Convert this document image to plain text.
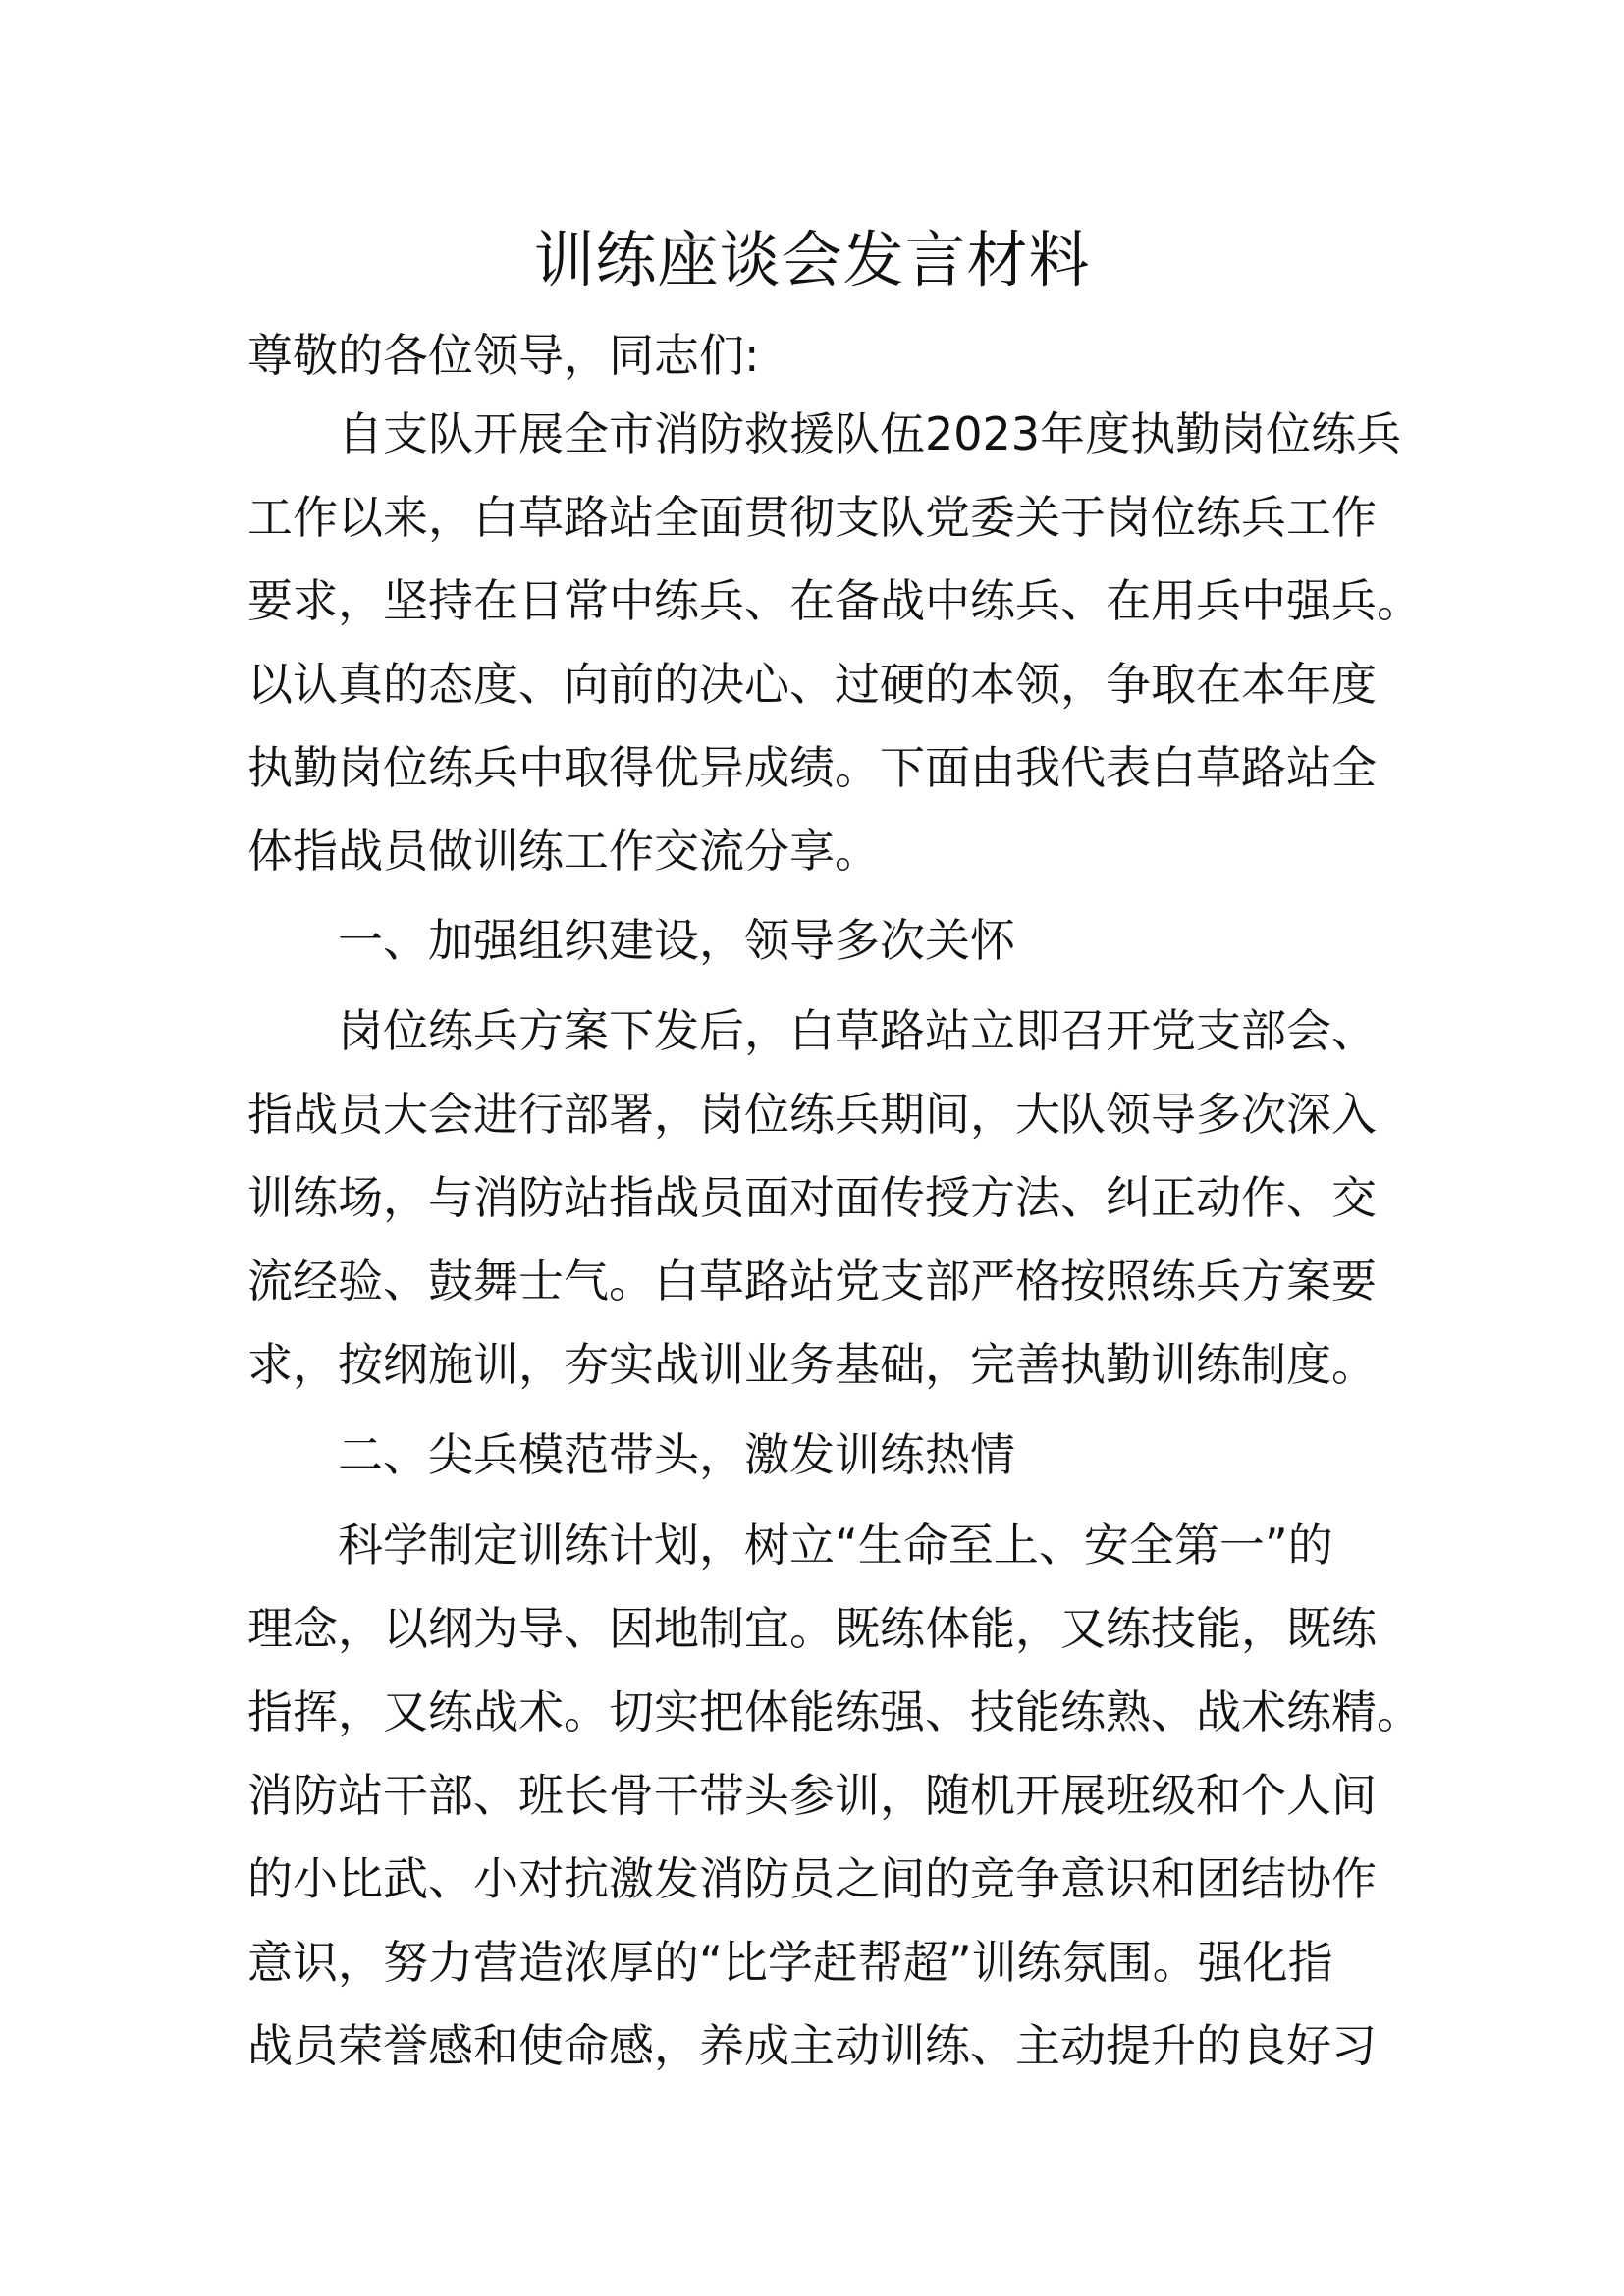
训练座谈会发言材料
尊敬的各位领导，同志们:
自支队开展全市消防救援队伍2023年度执勤岗位练兵
工作以来，白草路站全面贯彻支队党委关于岗位练兵工作
要求，坚持在日常中练兵、在备战中练兵、在用兵中强兵。
以认真的态度、向前的决心、过硬的本领，争取在本年度
执勤岗位练兵中取得优异成绩。下面由我代表白草路站全
体指战员做训练工作交流分享。
一、加强组织建设，领导多次关怀
岗位练兵方案下发后，白草路站立即召开党支部会、
指战员大会进行部署，岗位练兵期间，大队领导多次深入
训练场，与消防站指战员面对面传授方法、纠正动作、交
流经验、鼓舞士气。白草路站党支部严格按照练兵方案要
求，按纲施训，夯实战训业务基础，完善执勤训练制度。
二、尖兵模范带头，激发训练热情
科学制定训练计划，树立“生命至上、安全第一”的
理念，以纲为导、因地制宜。既练体能，又练技能，既练
指挥，又练战术。切实把体能练强、技能练熟、战术练精。
消防站干部、班长骨干带头参训，随机开展班级和个人间
的小比武、小对抗激发消防员之间的竞争意识和团结协作
意识，努力营造浓厚的“比学赶帮超”训练氛围。强化指
战员荣誉感和使命感，养成主动训练、主动提升的良好习
